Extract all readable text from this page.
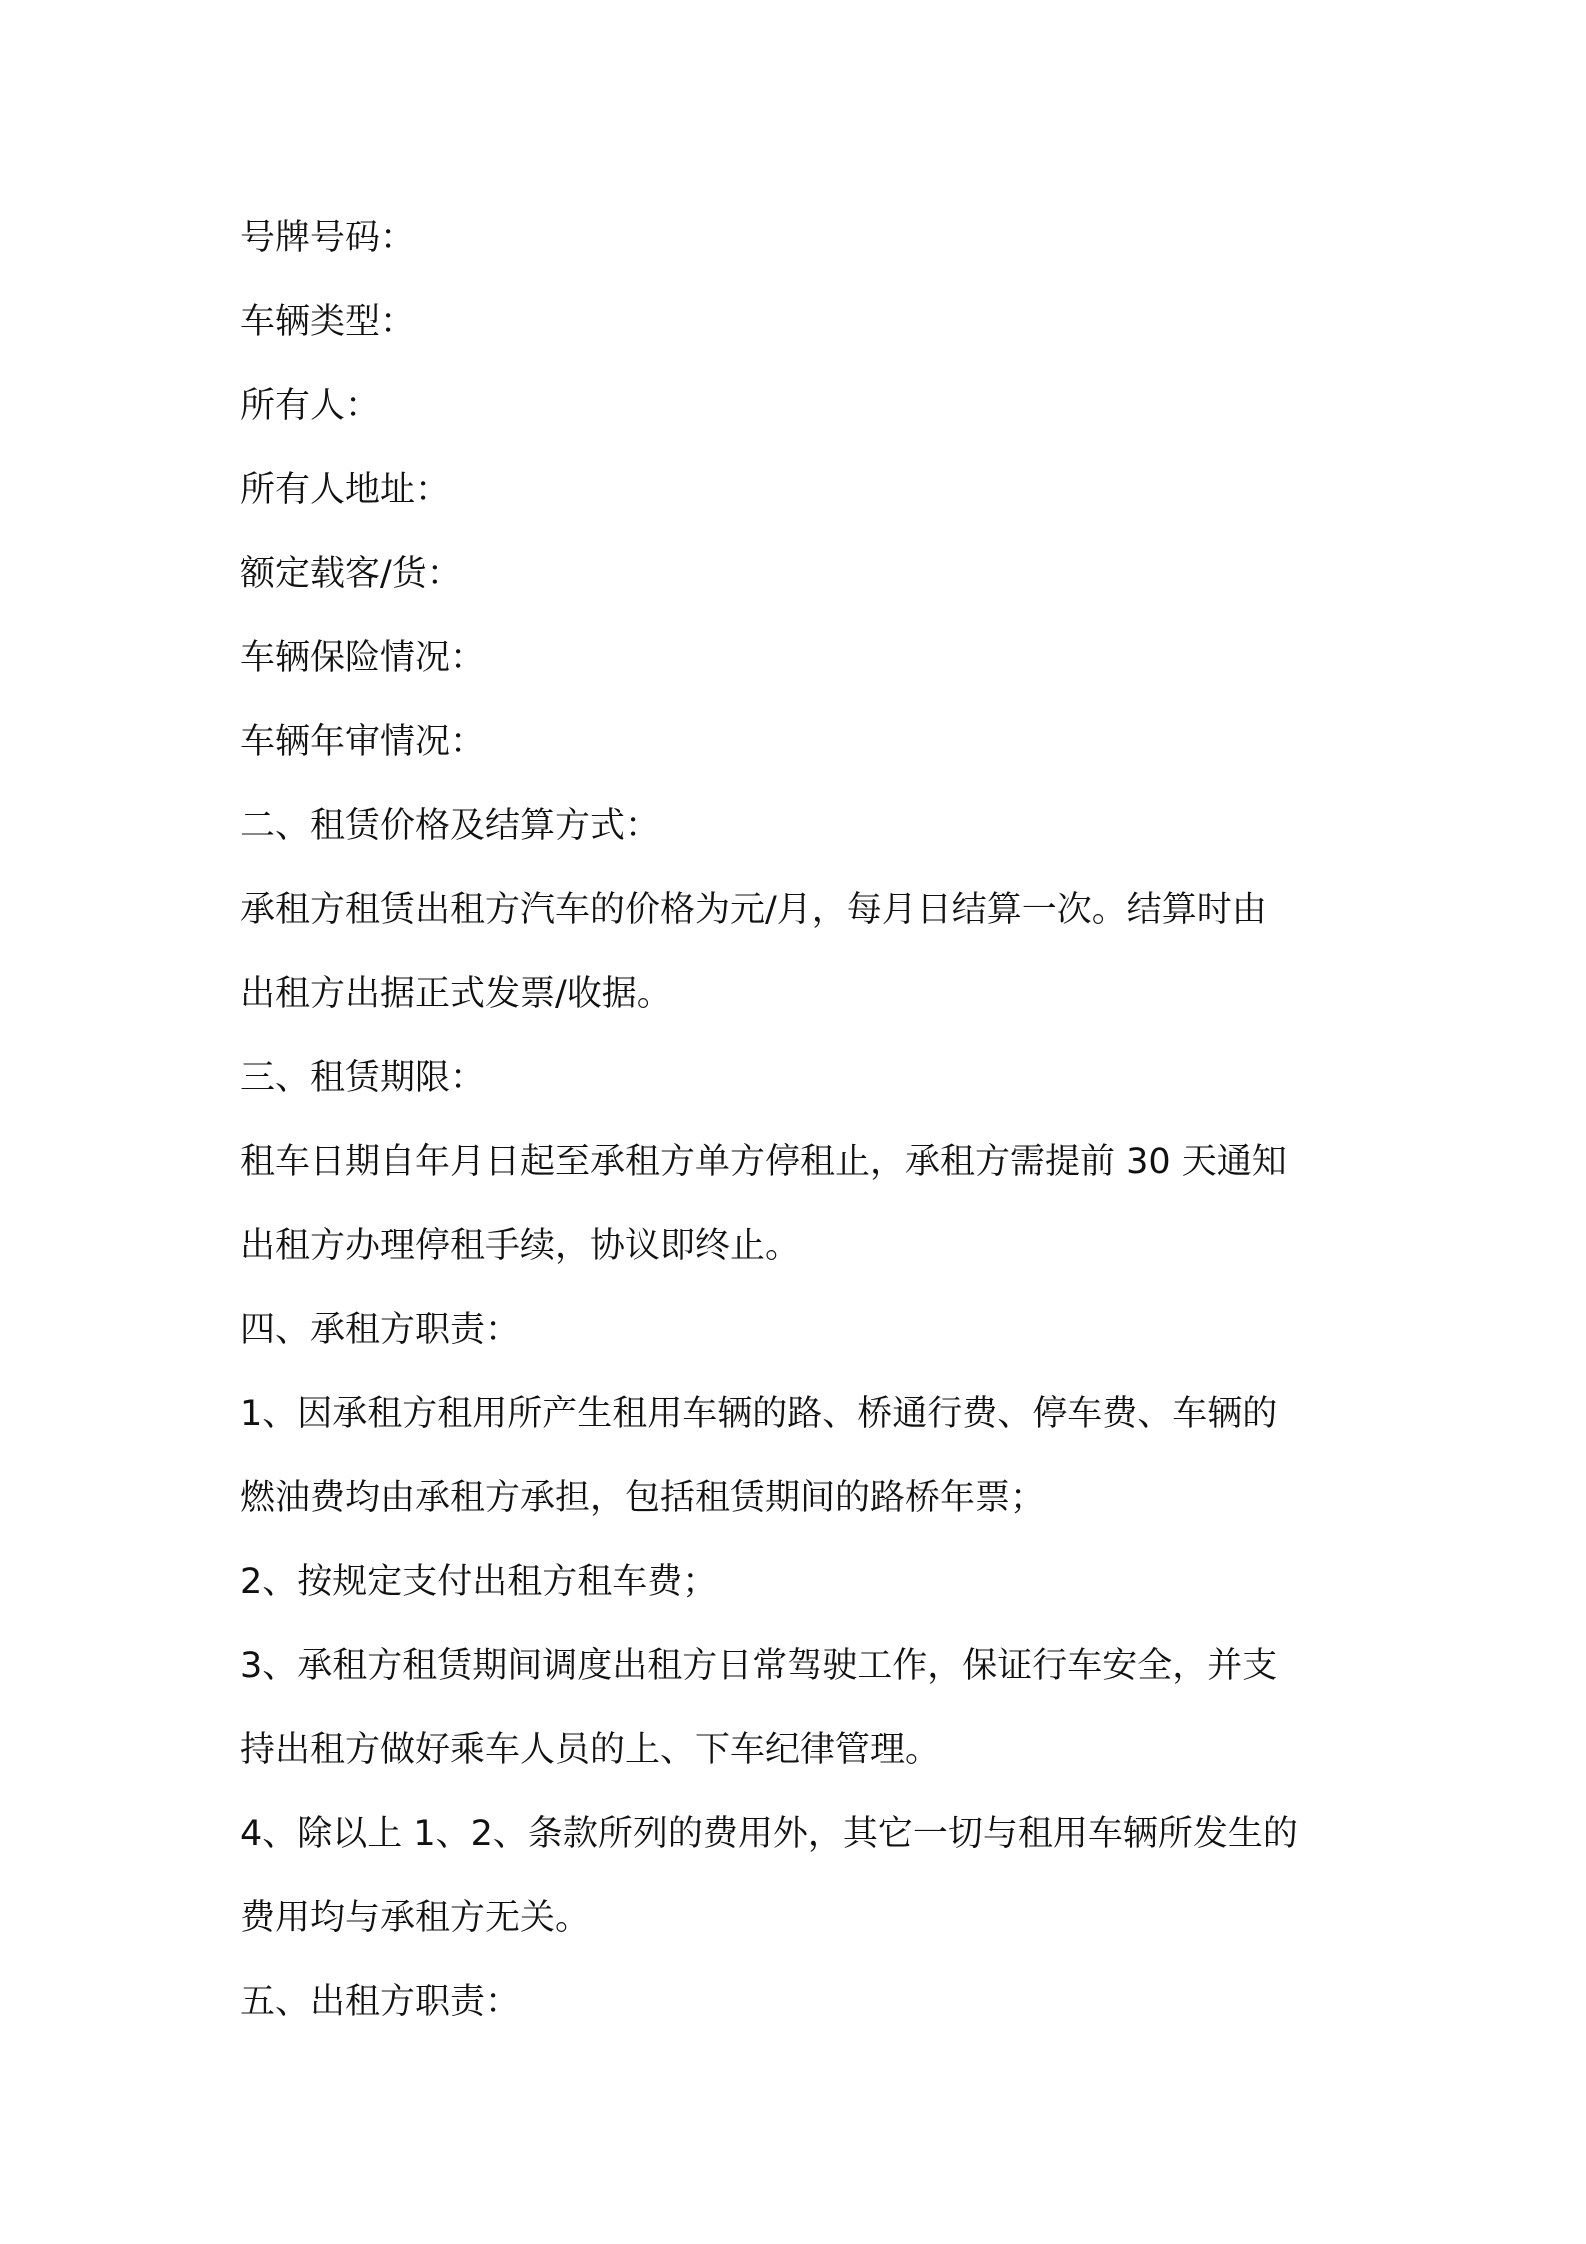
号牌号码：

车辆类型：

所有人：

所有人地址：

额定载客/货：

车辆保险情况：

车辆年审情况：

二、租赁价格及结算方式：

承租方租赁出租方汽车的价格为元/月，每月日结算一次。结算时由

出租方出据正式发票/收据。

三、租赁期限：

租车日期自年月日起至承租方单方停租止，承租方需提前 30 天通知

出租方办理停租手续，协议即终止。

四、承租方职责：

1、因承租方租用所产生租用车辆的路、桥通行费、停车费、车辆的

燃油费均由承租方承担，包括租赁期间的路桥年票；

2、按规定支付出租方租车费；

3、承租方租赁期间调度出租方日常驾驶工作，保证行车安全，并支

持出租方做好乘车人员的上、下车纪律管理。

4、除以上 1、2、条款所列的费用外，其它一切与租用车辆所发生的

费用均与承租方无关。

五、出租方职责：
